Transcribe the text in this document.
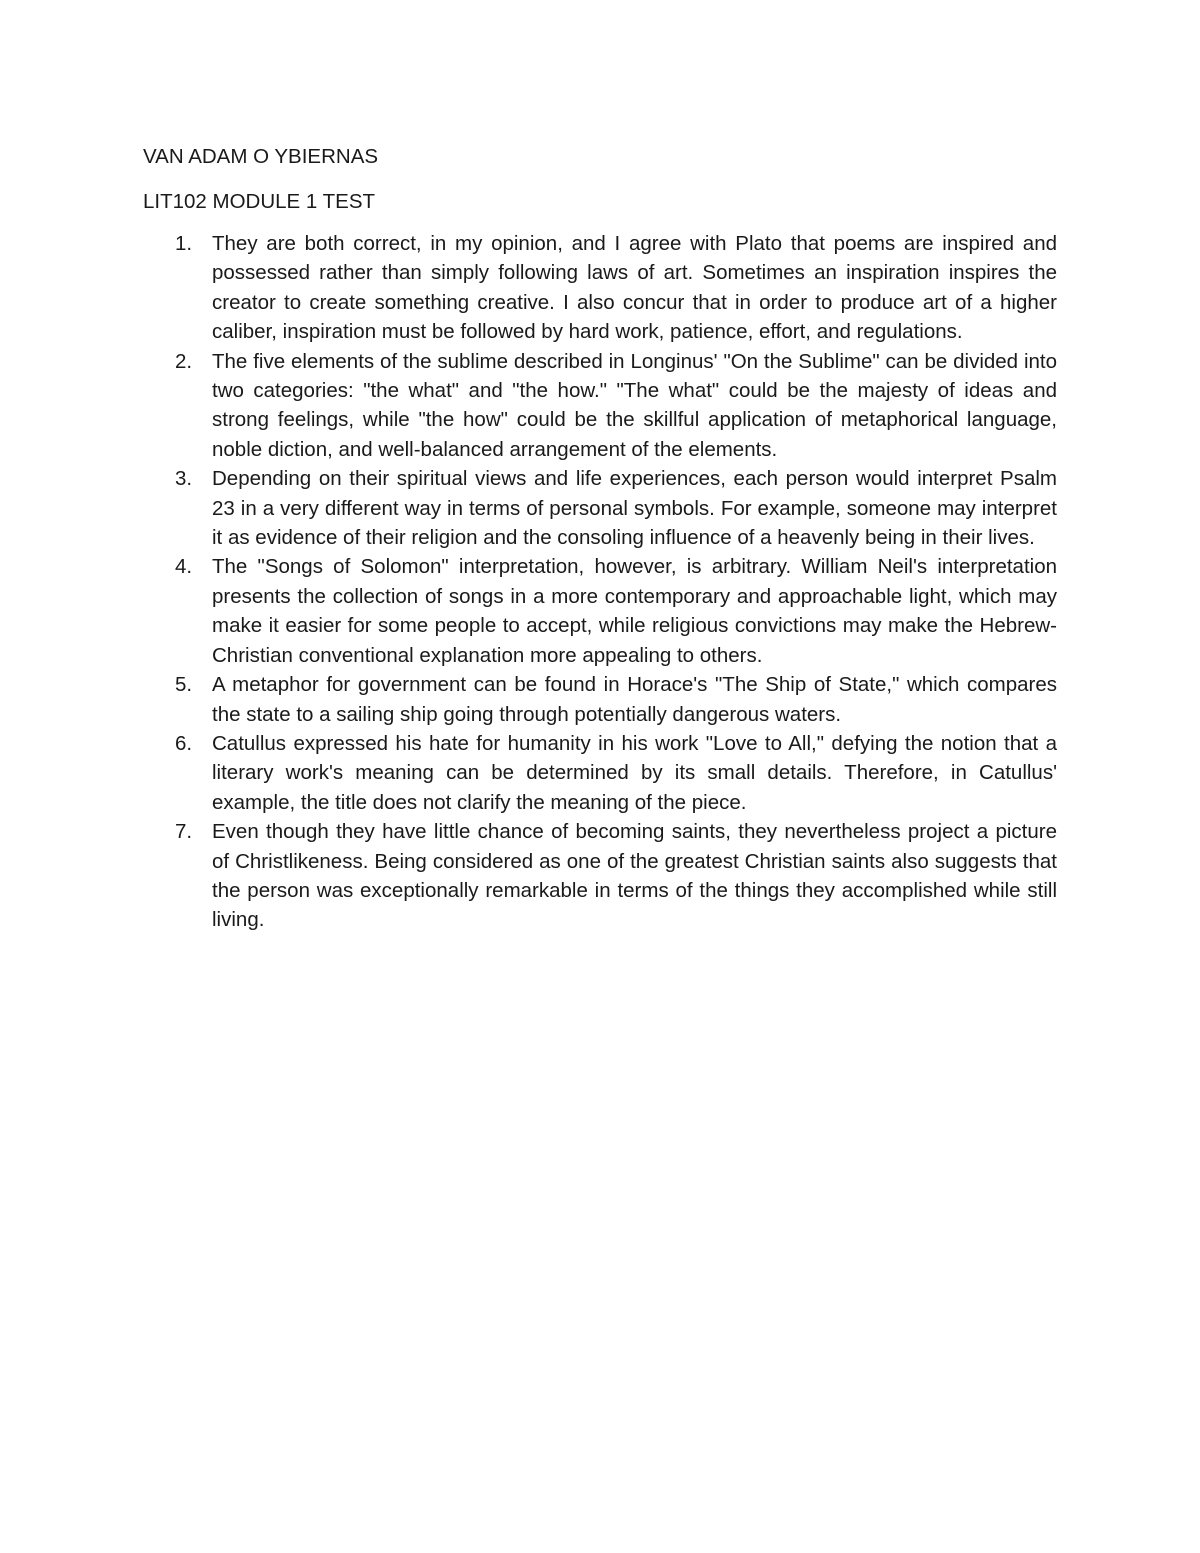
VAN ADAM O YBIERNAS
LIT102 MODULE 1 TEST
1. They are both correct, in my opinion, and I agree with Plato that poems are inspired and possessed rather than simply following laws of art. Sometimes an inspiration inspires the creator to create something creative. I also concur that in order to produce art of a higher caliber, inspiration must be followed by hard work, patience, effort, and regulations.
2. The five elements of the sublime described in Longinus' "On the Sublime" can be divided into two categories: "the what" and "the how." "The what" could be the majesty of ideas and strong feelings, while "the how" could be the skillful application of metaphorical language, noble diction, and well-balanced arrangement of the elements.
3. Depending on their spiritual views and life experiences, each person would interpret Psalm 23 in a very different way in terms of personal symbols. For example, someone may interpret it as evidence of their religion and the consoling influence of a heavenly being in their lives.
4. The "Songs of Solomon" interpretation, however, is arbitrary. William Neil's interpretation presents the collection of songs in a more contemporary and approachable light, which may make it easier for some people to accept, while religious convictions may make the Hebrew-Christian conventional explanation more appealing to others.
5. A metaphor for government can be found in Horace's "The Ship of State," which compares the state to a sailing ship going through potentially dangerous waters.
6. Catullus expressed his hate for humanity in his work "Love to All," defying the notion that a literary work's meaning can be determined by its small details. Therefore, in Catullus' example, the title does not clarify the meaning of the piece.
7. Even though they have little chance of becoming saints, they nevertheless project a picture of Christlikeness. Being considered as one of the greatest Christian saints also suggests that the person was exceptionally remarkable in terms of the things they accomplished while still living.
